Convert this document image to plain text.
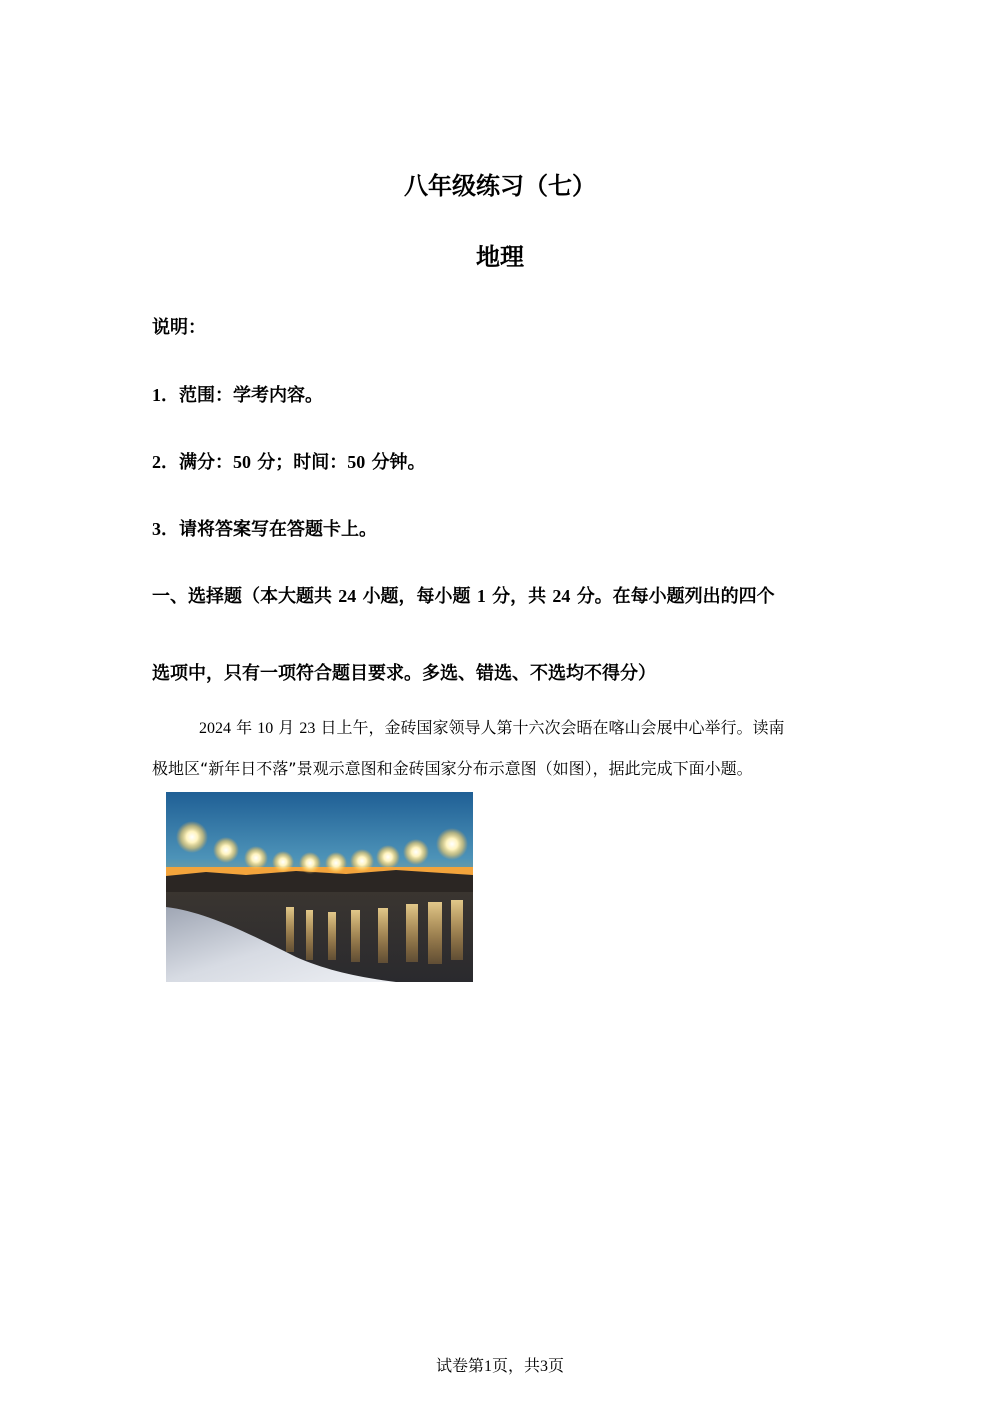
八年级练习（七）
地理
说明：
1．范围：学考内容。
2．满分：50 分；时间：50 分钟。
3．请将答案写在答题卡上。
一、选择题（本大题共 24 小题，每小题 1 分，共 24 分。在每小题列出的四个
选项中，只有一项符合题目要求。多选、错选、不选均不得分）
2024 年 10 月 23 日上午，金砖国家领导人第十六次会晤在喀山会展中心举行。读南
极地区“新年日不落”景观示意图和金砖国家分布示意图（如图），据此完成下面小题。
试卷第1页，共3页
